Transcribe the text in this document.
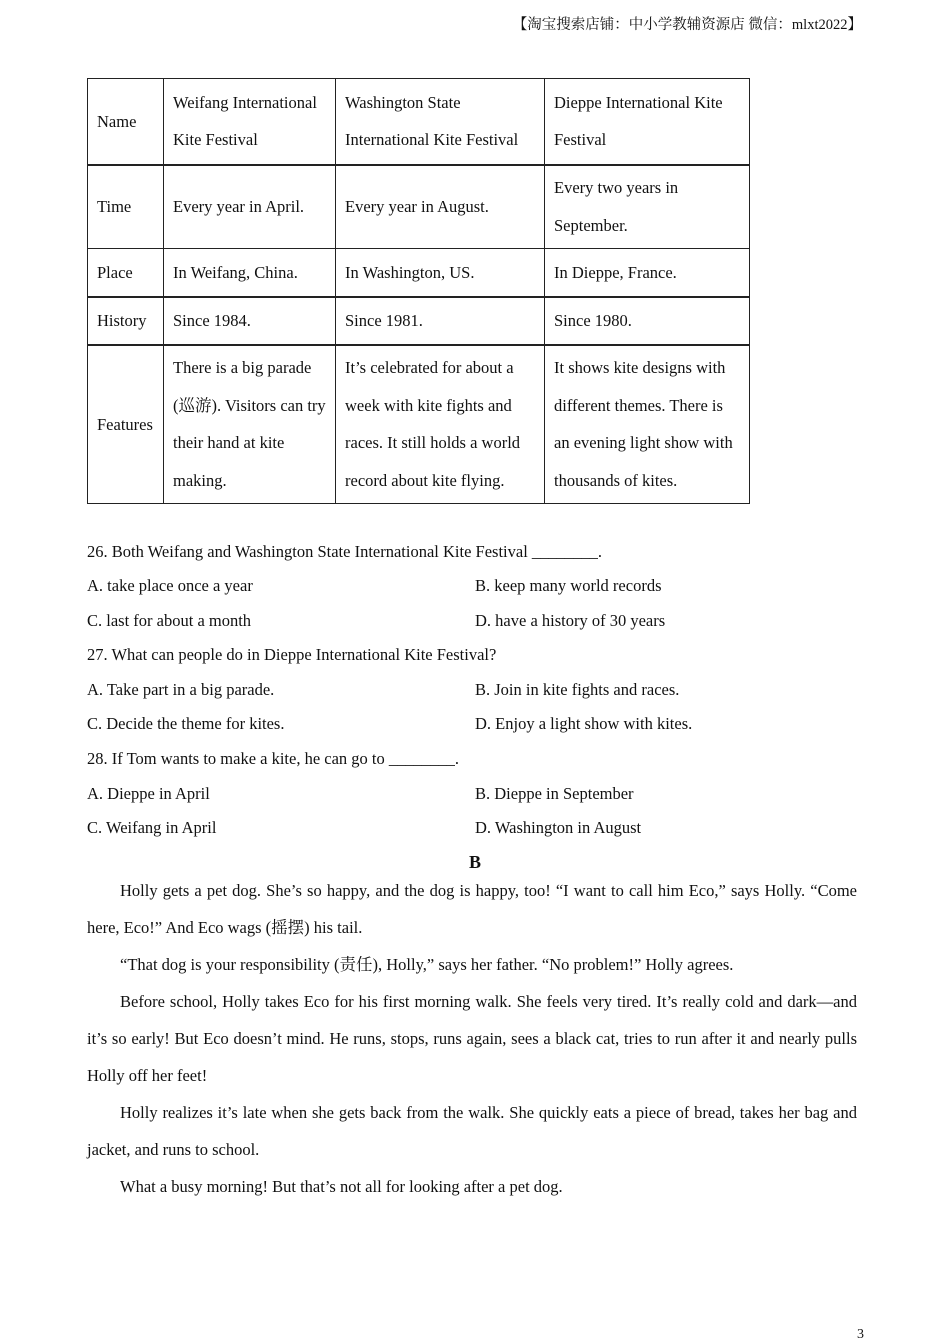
【淘宝搜索店铺：中小学教辅资源店 微信：mlxt2022】
Name	Weifang International Kite Festival	Washington State International Kite Festival	Dieppe International Kite Festival
Time	Every year in April.	Every year in August.	Every two years in September.
Place	In Weifang, China.	In Washington, US.	In Dieppe, France.
History	Since 1984.	Since 1981.	Since 1980.
Features	There is a big parade (巡游). Visitors can try their hand at kite making.	It’s celebrated for about a week with kite fights and races. It still holds a world record about kite flying.	It shows kite designs with different themes. There is an evening light show with thousands of kites.
26. Both Weifang and Washington State International Kite Festival ________.
A. take place once a year	B. keep many world records
C. last for about a month	D. have a history of 30 years
27. What can people do in Dieppe International Kite Festival?
A. Take part in a big parade.	B. Join in kite fights and races.
C. Decide the theme for kites.	D. Enjoy a light show with kites.
28. If Tom wants to make a kite, he can go to ________.
A. Dieppe in April	B. Dieppe in September
C. Weifang in April	D. Washington in August
B

Holly gets a pet dog. She’s so happy, and the dog is happy, too! “I want to call him Eco,” says Holly. “Come here, Eco!” And Eco wags (摇摆) his tail.

“That dog is your responsibility (责任), Holly,” says her father. “No problem!” Holly agrees.

Before school, Holly takes Eco for his first morning walk. She feels very tired. It’s really cold and dark—and it’s so early! But Eco doesn’t mind. He runs, stops, runs again, sees a black cat, tries to run after it and nearly pulls Holly off her feet!

Holly realizes it’s late when she gets back from the walk. She quickly eats a piece of bread, takes her bag and jacket, and runs to school.

What a busy morning! But that’s not all for looking after a pet dog.

3
